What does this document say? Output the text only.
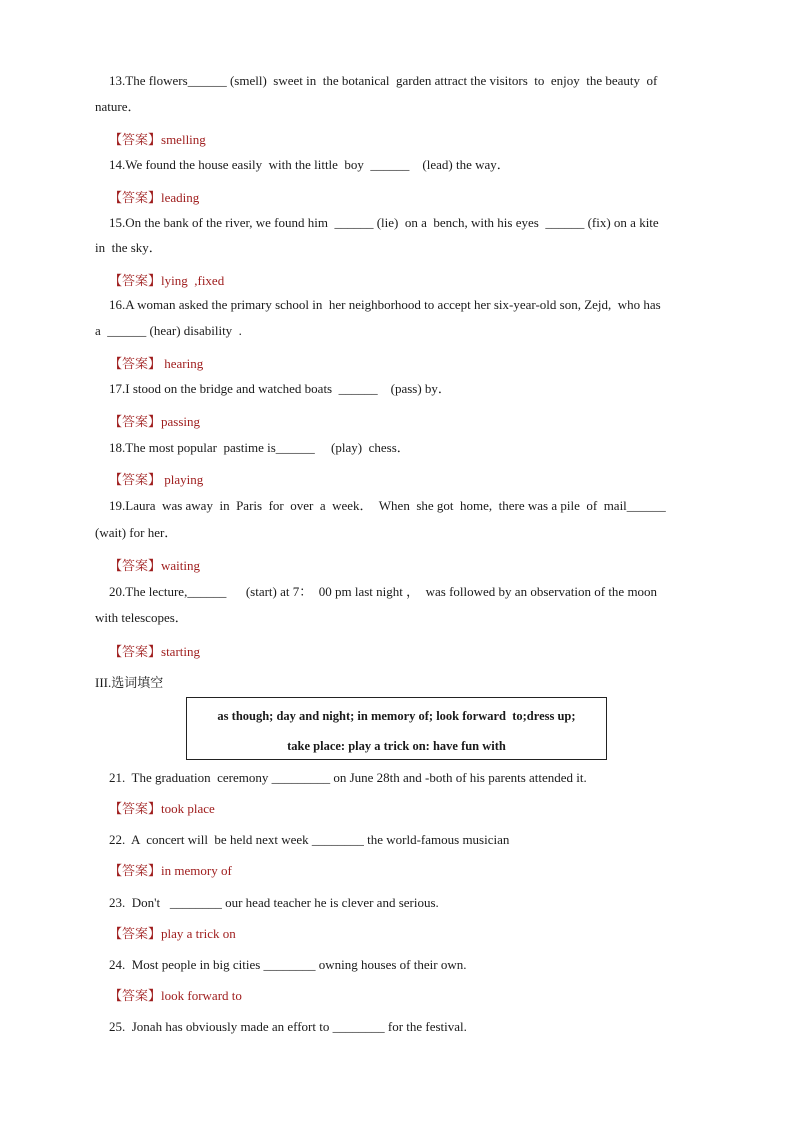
13.The flowers______ (smell)  sweet in  the botanical  garden attract the visitors  to  enjoy  the beauty  of
nature．
【答案】smelling
14.We found the house easily  with the little  boy  ______    (lead) the way．
【答案】leading
15.On the bank of the river, we found him  ______ (lie)  on a  bench, with his eyes  ______ (fix) on a kite
in  the sky．
【答案】lying  ,fixed
16.A woman asked the primary school in  her neighborhood to accept her six-year-old son, Zejd,  who has
a  ______ (hear) disability  .
【答案】 hearing
17.I stood on the bridge and watched boats  ______    (pass) by．
【答案】passing
18.The most popular  pastime is______     (play)  chess．
【答案】 playing
19.Laura  was away  in  Paris  for  over  a  week．  When  she got  home,  there was a pile  of  mail______
(wait) for her．
【答案】waiting
20.The lecture,______      (start) at 7：  00 pm last night ，  was followed by an observation of the moon
with telescopes．
【答案】starting
III.选词填空

as though; day and night; in memory of; look forward  to;dress up;

take place: play a trick on: have fun with

21.  The graduation  ceremony _________ on June 28th and -both of his parents attended it.
【答案】took place
22.  A  concert will  be held next week ________ the world-famous musician
【答案】in memory of
23.  Don't   ________ our head teacher he is clever and serious.
【答案】play a trick on
24.  Most people in big cities ________ owning houses of their own.
【答案】look forward to
25.  Jonah has obviously made an effort to ________ for the festival.
